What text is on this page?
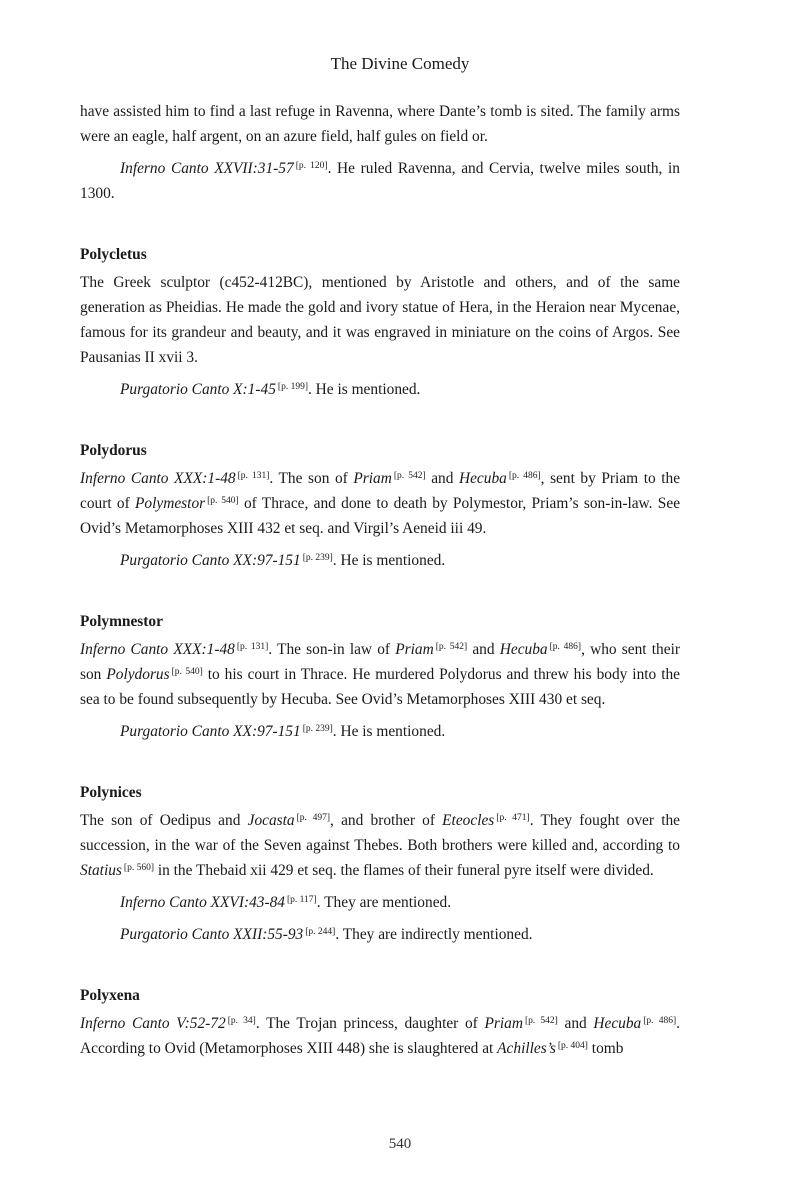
The Divine Comedy

have assisted him to find a last refuge in Ravenna, where Dante’s tomb is sited. The family arms were an eagle, half argent, on an azure field, half gules on field or.

Inferno Canto XXVII:31-57 [p. 120]. He ruled Ravenna, and Cervia, twelve miles south, in 1300.

Polycletus

The Greek sculptor (c452-412BC), mentioned by Aristotle and others, and of the same generation as Pheidias. He made the gold and ivory statue of Hera, in the Heraion near Mycenae, famous for its grandeur and beauty, and it was engraved in miniature on the coins of Argos. See Pausanias II xvii 3.

Purgatorio Canto X:1-45 [p. 199]. He is mentioned.

Polydorus

Inferno Canto XXX:1-48 [p. 131]. The son of Priam [p. 542] and Hecuba [p. 486], sent by Priam to the court of Polymestor [p. 540] of Thrace, and done to death by Polymestor, Priam’s son-in-law. See Ovid’s Metamorphoses XIII 432 et seq. and Virgil’s Aeneid iii 49.

Purgatorio Canto XX:97-151 [p. 239]. He is mentioned.

Polymnestor

Inferno Canto XXX:1-48 [p. 131]. The son-in law of Priam [p. 542] and Hecuba [p. 486], who sent their son Polydorus [p. 540] to his court in Thrace. He murdered Polydorus and threw his body into the sea to be found subsequently by Hecuba. See Ovid’s Metamorphoses XIII 430 et seq.

Purgatorio Canto XX:97-151 [p. 239]. He is mentioned.

Polynices

The son of Oedipus and Jocasta [p. 497], and brother of Eteocles [p. 471]. They fought over the succession, in the war of the Seven against Thebes. Both brothers were killed and, according to Statius [p. 560] in the Thebaid xii 429 et seq. the flames of their funeral pyre itself were divided.

Inferno Canto XXVI:43-84 [p. 117]. They are mentioned.

Purgatorio Canto XXII:55-93 [p. 244]. They are indirectly mentioned.

Polyxena

Inferno Canto V:52-72 [p. 34]. The Trojan princess, daughter of Priam [p. 542] and Hecuba [p. 486]. According to Ovid (Metamorphoses XIII 448) she is slaughtered at Achilles’s [p. 404] tomb

540
